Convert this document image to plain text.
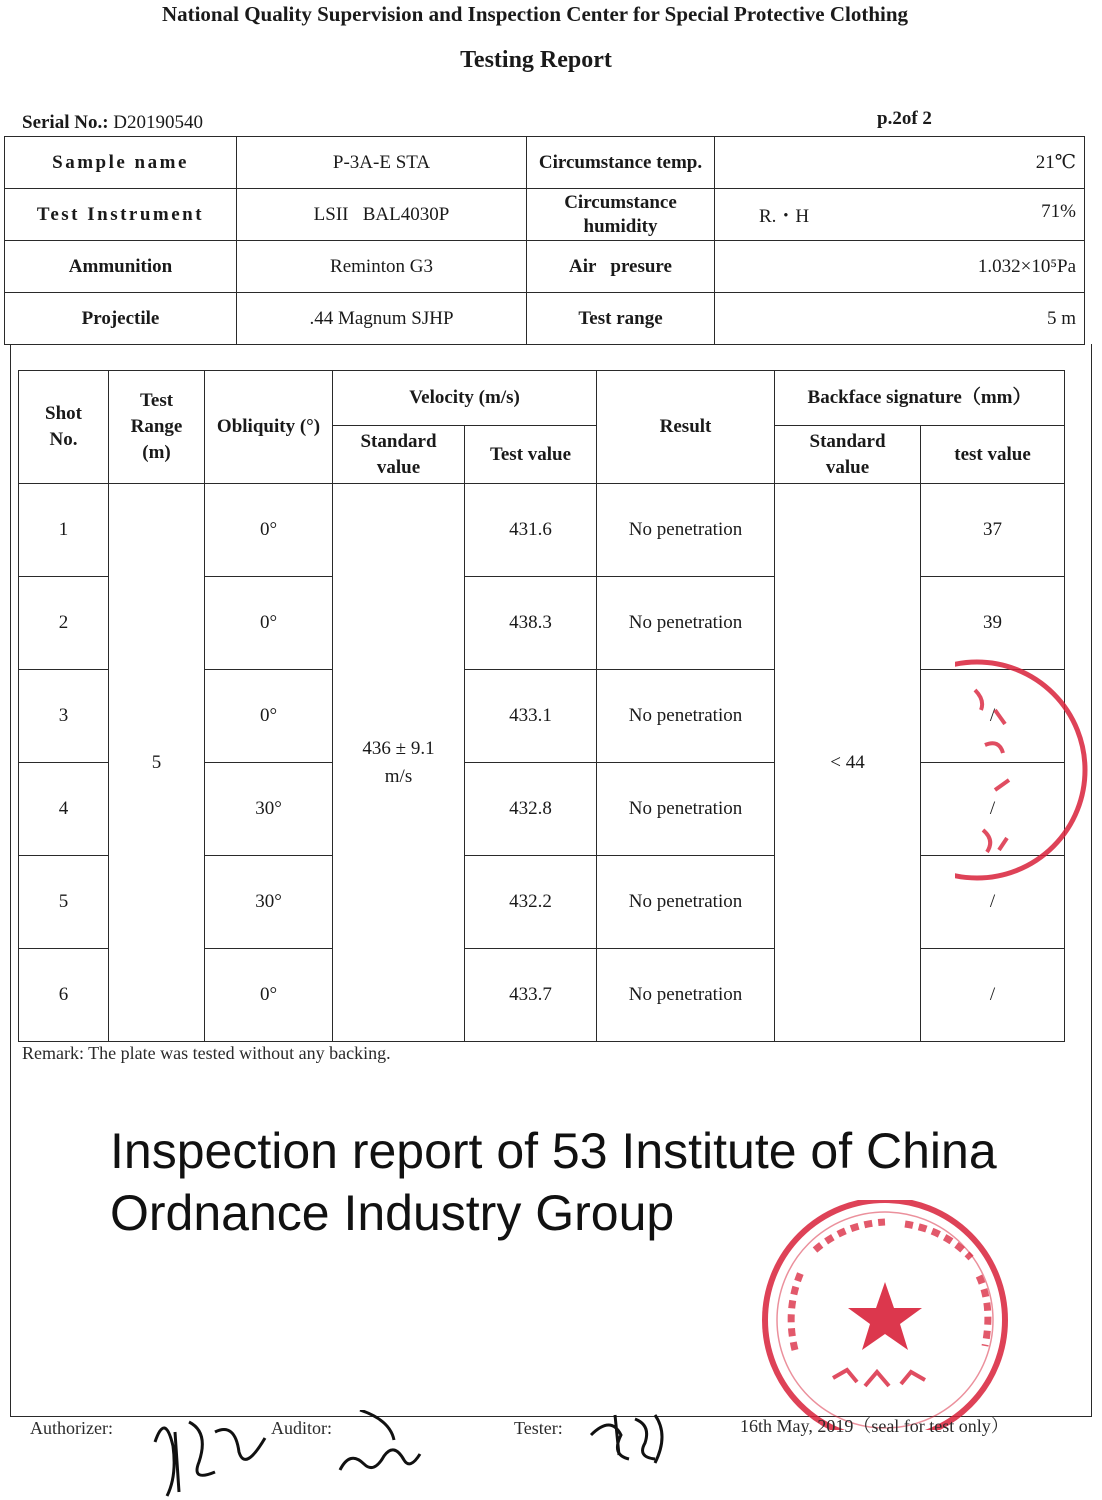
National Quality Supervision and Inspection Center for Special Protective Clothing
Testing Report
Serial No.: D20190540	p.2of 2
Sample name	P-3A-E STA	Circumstance temp.	21℃
Test Instrument	LSII   BAL4030P	Circumstance humidity	R.・H 71%

Ammunition	Reminton G3	Air   presure	1.032×10⁵Pa
Projectile	.44 Magnum SJHP	Test range	5 m
Shot No.	Test Range (m)	Obliquity (°)	Velocity (m/s)		Result	Backface signature（mm）	
			Standard value	Test value		Standard value	test value
1	5	0°	436 ± 9.1 m/s	431.6	No penetration	< 44	37
2		0°		438.3	No penetration		39
3		0°		433.1	No penetration		/
4		30°		432.8	No penetration		/
5		30°		432.2	No penetration		/
6		0°		433.7	No penetration		/
Remark: The plate was tested without any backing.
Inspection report of 53 Institute of China Ordnance Industry Group
Authorizer:	Auditor:	Tester:	16th May, 2019（seal for test only）
